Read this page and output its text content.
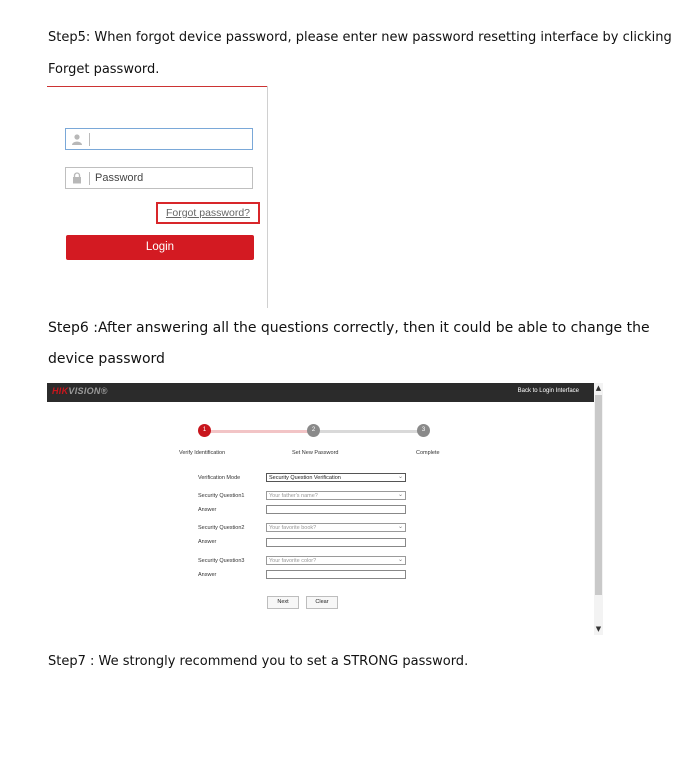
Step5: When forgot device password, please enter new password resetting interface by clicking
Forget password.
Password
Forgot password?
Login
Step6 :After answering all the questions correctly, then it could be able to change the
device password
HIKVISION®	Back to Login Interface ▲
▼
1	2	3
Verify Identification	Set New Password	Complete
Verification Mode	Security Question Verification	⌄
Security Question1	Your father's name?	⌄
Answer
Security Question2	Your favorite book?	⌄
Answer
Security Question3	Your favorite color?	⌄
Answer
Next	Clear
Step7 : We strongly recommend you to set a STRONG password.
